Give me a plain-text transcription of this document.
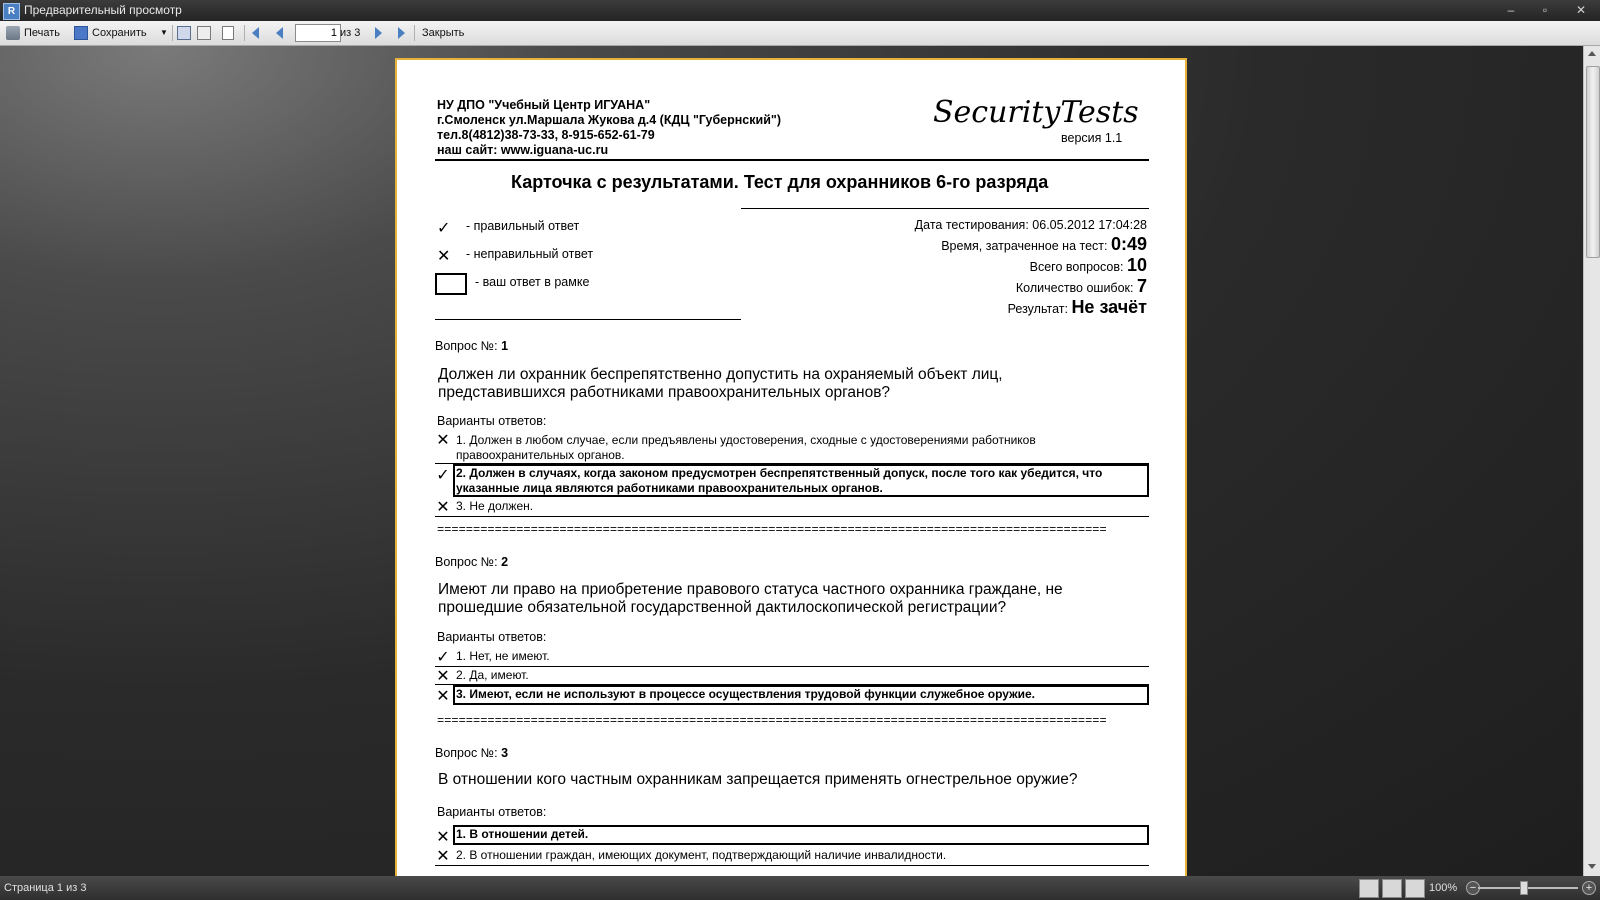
R Предварительный просмотр	–	▫	✕
Печать	Сохранить ▼
1	из 3	Закрыть
НУ ДПО "Учебный Центр ИГУАНА"
г.Смоленск ул.Маршала Жукова д.4 (КДЦ "Губернский")
тел.8(4812)38-73-33, 8-915-652-61-79
наш сайт: www.iguana-uc.ru
SecurityTests
версия 1.1
Карточка с результатами. Тест для охранников 6-го разряда
✓ - правильный ответ
✕ - неправильный ответ
- ваш ответ в рамке
Дата тестирования: 06.05.2012 17:04:28
Время, затраченное на тест: 0:49
Всего вопросов: 10
Количество ошибок: 7
Результат: Не зачёт
Вопрос №: 1
Должен ли охранник беспрепятственно допустить на охраняемый объект лиц, представившихся работниками правоохранительных органов?
Варианты ответов:
✕ 1. Должен в любом случае, если предъявлены удостоверения, сходные с удостоверениями работников правоохранительных органов.
✓ 2. Должен в случаях, когда законом предусмотрен беспрепятственный допуск, после того как убедится, что указанные лица являются работниками правоохранительных органов.
✕ 3. Не должен.
=============================================================================================
Вопрос №: 2
Имеют ли право на приобретение правового статуса частного охранника граждане, не прошедшие обязательной государственной дактилоскопической регистрации?
Варианты ответов:
✓ 1. Нет, не имеют.
✕ 2. Да, имеют.
✕ 3. Имеют, если не используют в процессе осуществления трудовой функции служебное оружие.
=============================================================================================
Вопрос №: 3
В отношении кого частным охранникам запрещается применять огнестрельное оружие?
Варианты ответов:
✕ 1. В отношении детей.
✕ 2. В отношении граждан, имеющих документ, подтверждающий наличие инвалидности.
Страница 1 из 3	100%	−	+
